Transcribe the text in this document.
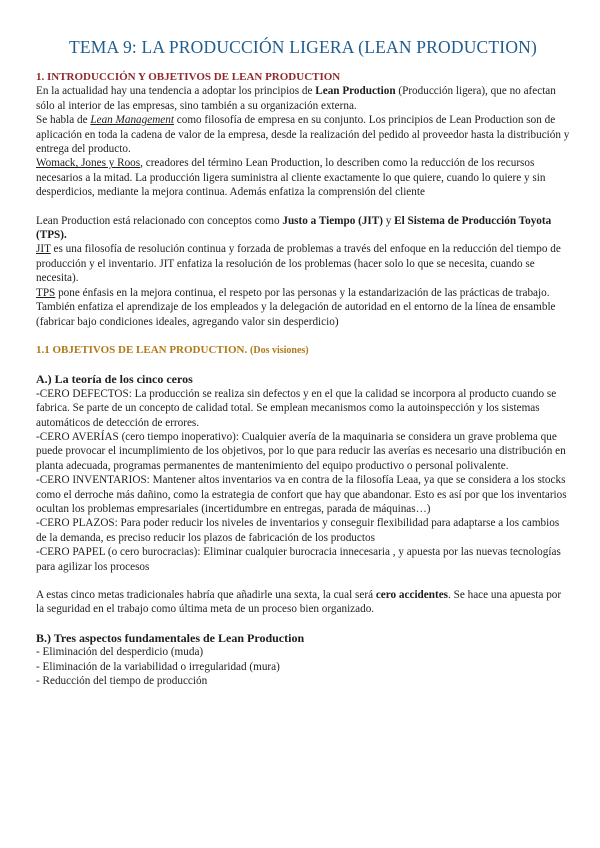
TEMA 9: LA PRODUCCIÓN LIGERA (LEAN PRODUCTION)

1. INTRODUCCIÓN Y OBJETIVOS DE LEAN PRODUCTION

En la actualidad hay una tendencia a adoptar los principios de Lean Production (Producción ligera), que no afectan sólo al interior de las empresas, sino también a su organización externa.

Se habla de Lean Management como filosofía de empresa en su conjunto. Los principios de Lean Production son de aplicación en toda la cadena de valor de la empresa, desde la realización del pedido al proveedor hasta la distribución y entrega del producto.

Womack, Jones y Roos, creadores del término Lean Production, lo describen como la reducción de los recursos necesarios a la mitad. La producción ligera suministra al cliente exactamente lo que quiere, cuando lo quiere y sin desperdicios, mediante la mejora continua. Además enfatiza la comprensión del cliente

Lean Production está relacionado con conceptos como Justo a Tiempo (JIT) y El Sistema de Producción Toyota (TPS).

JIT es una filosofía de resolución continua y forzada de problemas a través del enfoque en la reducción del tiempo de producción y el inventario. JIT enfatiza la resolución de los problemas (hacer solo lo que se necesita, cuando se necesita).

TPS pone énfasis en la mejora continua, el respeto por las personas y la estandarización de las prácticas de trabajo. También enfatiza el aprendizaje de los empleados y la delegación de autoridad en el entorno de la línea de ensamble (fabricar bajo condiciones ideales, agregando valor sin desperdicio)

1.1 OBJETIVOS DE LEAN PRODUCTION. (Dos visiones)

A.) La teoría de los cinco ceros

-CERO DEFECTOS: La producción se realiza sin defectos y en el que la calidad se incorpora al producto cuando se fabrica. Se parte de un concepto de calidad total. Se emplean mecanismos como la autoinspección y los sistemas automáticos de detección de errores.

-CERO AVERÍAS (cero tiempo inoperativo): Cualquier avería de la maquinaria se considera un grave problema que puede provocar el incumplimiento de los objetivos, por lo que para reducir las averías es necesario una distribución en planta adecuada, programas permanentes de mantenimiento del equipo productivo o personal polivalente.

-CERO INVENTARIOS: Mantener altos inventarios va en contra de la filosofía Leaa, ya que se considera a los stocks como el derroche más dañino, como la estrategia de confort que hay que abandonar. Esto es así por que los inventarios ocultan los problemas empresariales (incertidumbre en entregas, parada de máquinas…)

-CERO PLAZOS: Para poder reducir los niveles de inventarios y conseguir flexibilidad para adaptarse a los cambios de la demanda, es preciso reducir los plazos de fabricación de los productos

-CERO PAPEL (o cero burocracias): Eliminar cualquier burocracia innecesaria , y apuesta por las nuevas tecnologías para agilizar los procesos

A estas cinco metas tradicionales habría que añadirle una sexta, la cual será cero accidentes. Se hace una apuesta por la seguridad en el trabajo como última meta de un proceso bien organizado.

B.) Tres aspectos fundamentales de Lean Production

- Eliminación del desperdicio (muda)

- Eliminación de la variabilidad o irregularidad (mura)

- Reducción del tiempo de producción
